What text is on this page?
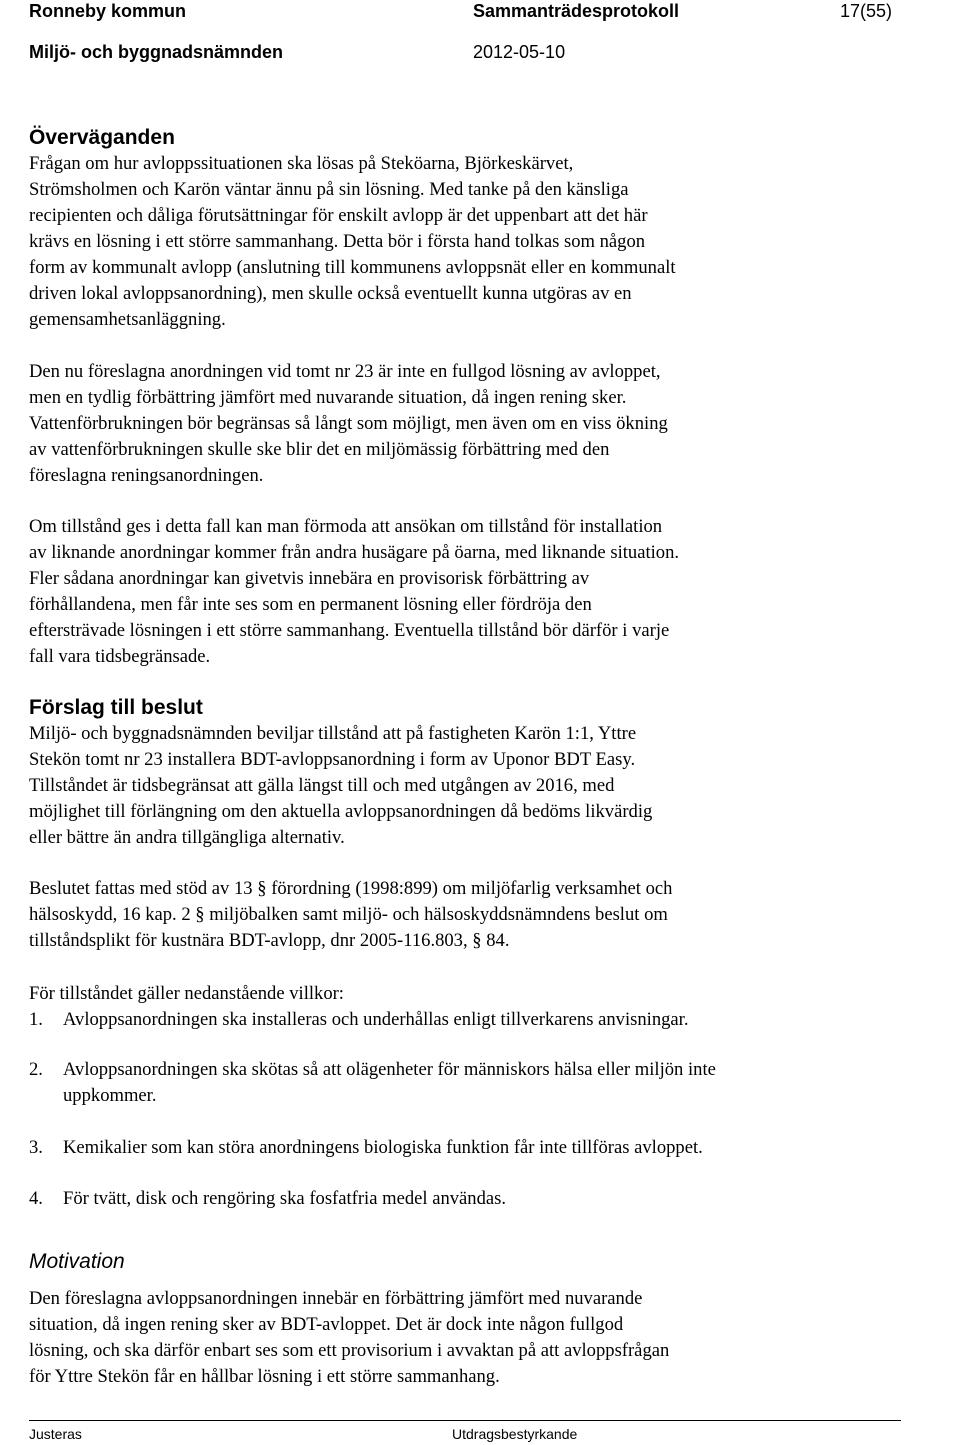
Ronneby kommun	Sammanträdesprotokoll	17(55)
Miljö- och byggnadsnämnden	2012-05-10
Överväganden
Frågan om hur avloppssituationen ska lösas på Steköarna, Björkeskärvet,
Strömsholmen och Karön väntar ännu på sin lösning. Med tanke på den känsliga
recipienten och dåliga förutsättningar för enskilt avlopp är det uppenbart att det här
krävs en lösning i ett större sammanhang. Detta bör i första hand tolkas som någon
form av kommunalt avlopp (anslutning till kommunens avloppsnät eller en kommunalt
driven lokal avloppsanordning), men skulle också eventuellt kunna utgöras av en
gemensamhetsanläggning.
Den nu föreslagna anordningen vid tomt nr 23 är inte en fullgod lösning av avloppet,
men en tydlig förbättring jämfört med nuvarande situation, då ingen rening sker.
Vattenförbrukningen bör begränsas så långt som möjligt, men även om en viss ökning
av vattenförbrukningen skulle ske blir det en miljömässig förbättring med den
föreslagna reningsanordningen.
Om tillstånd ges i detta fall kan man förmoda att ansökan om tillstånd för installation
av liknande anordningar kommer från andra husägare på öarna, med liknande situation.
Fler sådana anordningar kan givetvis innebära en provisorisk förbättring av
förhållandena, men får inte ses som en permanent lösning eller fördröja den
eftersträvade lösningen i ett större sammanhang. Eventuella tillstånd bör därför i varje
fall vara tidsbegränsade.
Förslag till beslut
Miljö- och byggnadsnämnden beviljar tillstånd att på fastigheten Karön 1:1, Yttre
Stekön tomt nr 23 installera BDT-avloppsanordning i form av Uponor BDT Easy.
Tillståndet är tidsbegränsat att gälla längst till och med utgången av 2016, med
möjlighet till förlängning om den aktuella avloppsanordningen då bedöms likvärdig
eller bättre än andra tillgängliga alternativ.
Beslutet fattas med stöd av 13 § förordning (1998:899) om miljöfarlig verksamhet och
hälsoskydd, 16 kap. 2 § miljöbalken samt miljö- och hälsoskyddsnämndens beslut om
tillståndsplikt för kustnära BDT-avlopp, dnr 2005-116.803, § 84.
För tillståndet gäller nedanstående villkor:
1. Avloppsanordningen ska installeras och underhållas enligt tillverkarens anvisningar.
2. Avloppsanordningen ska skötas så att olägenheter för människors hälsa eller miljön inte
uppkommer.
3. Kemikalier som kan störa anordningens biologiska funktion får inte tillföras avloppet.
4. För tvätt, disk och rengöring ska fosfatfria medel användas.
Motivation
Den föreslagna avloppsanordningen innebär en förbättring jämfört med nuvarande
situation, då ingen rening sker av BDT-avloppet. Det är dock inte någon fullgod
lösning, och ska därför enbart ses som ett provisorium i avvaktan på att avloppsfrågan
för Yttre Stekön får en hållbar lösning i ett större sammanhang.
Justeras	Utdragsbestyrkande
